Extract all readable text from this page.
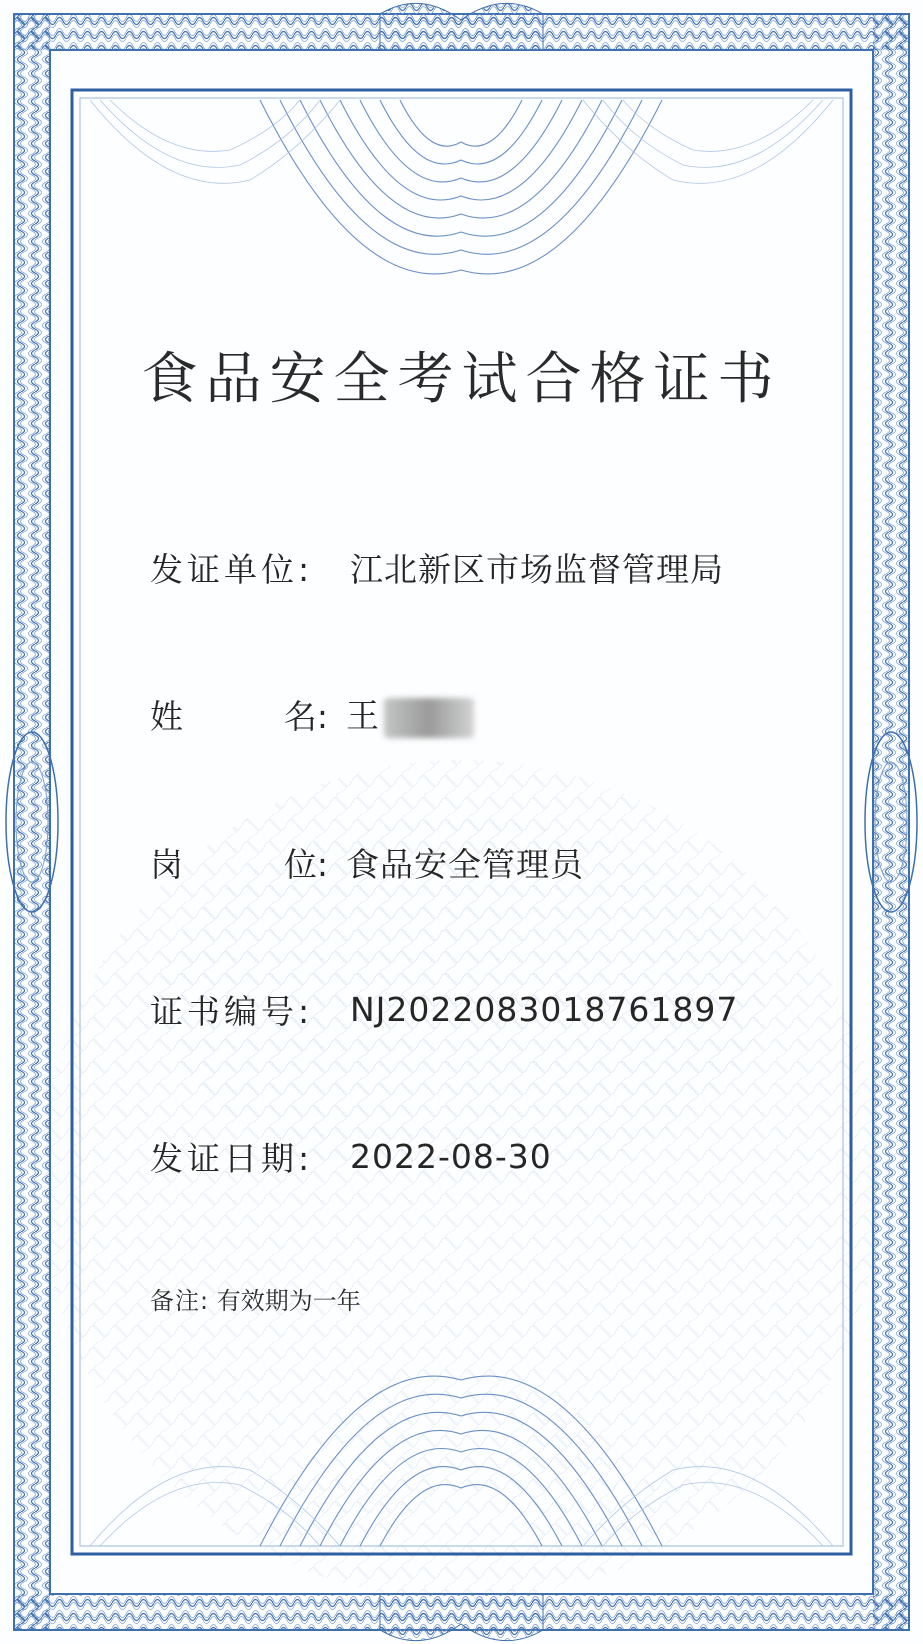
食品安全考试合格证书
发证单位:	江北新区市场监督管理局
姓	名: 王
岗	位: 食品安全管理员
证书编号:	NJ2022083018761897
发证日期:	2022-08-30
备注: 有效期为一年
